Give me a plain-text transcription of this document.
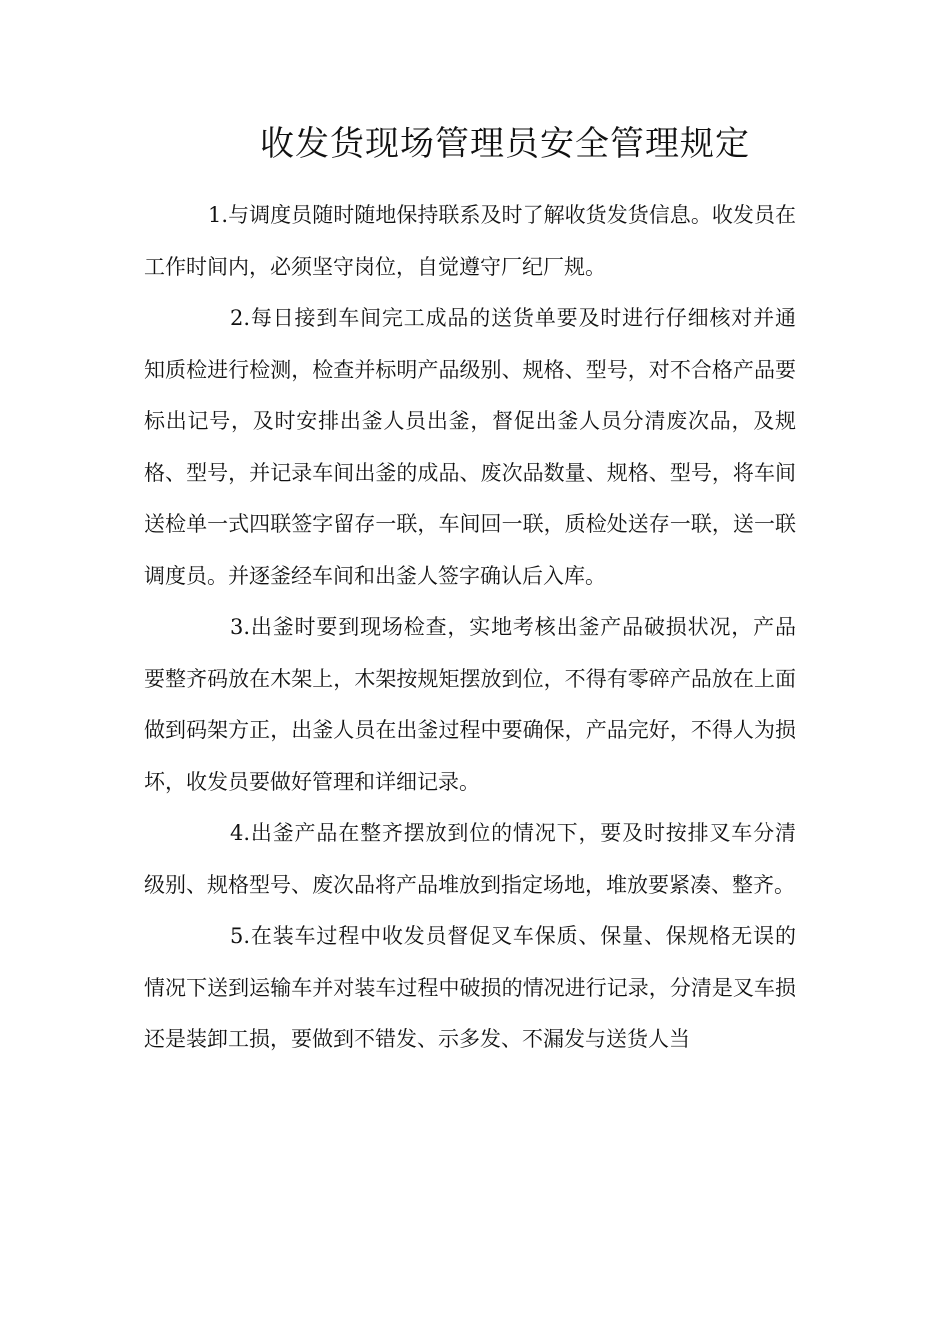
收发货现场管理员安全管理规定

1.与调度员随时随地保持联系及时了解收货发货信息。收发员在工作时间内，必须坚守岗位，自觉遵守厂纪厂规。

2.每日接到车间完工成品的送货单要及时进行仔细核对并通知质检进行检测，检查并标明产品级别、规格、型号，对不合格产品要标出记号，及时安排出釜人员出釜，督促出釜人员分清废次品，及规格、型号，并记录车间出釜的成品、废次品数量、规格、型号，将车间送检单一式四联签字留存一联，车间回一联，质检处送存一联，送一联调度员。并逐釜经车间和出釜人签字确认后入库。

3.出釜时要到现场检查，实地考核出釜产品破损状况，产品要整齐码放在木架上，木架按规矩摆放到位，不得有零碎产品放在上面做到码架方正，出釜人员在出釜过程中要确保，产品完好，不得人为损坏，收发员要做好管理和详细记录。

4.出釜产品在整齐摆放到位的情况下，要及时按排叉车分清级别、规格型号、废次品将产品堆放到指定场地，堆放要紧凑、整齐。

5.在装车过程中收发员督促叉车保质、保量、保规格无误的情况下送到运输车并对装车过程中破损的情况进行记录，分清是叉车损还是装卸工损，要做到不错发、示多发、不漏发与送货人当
